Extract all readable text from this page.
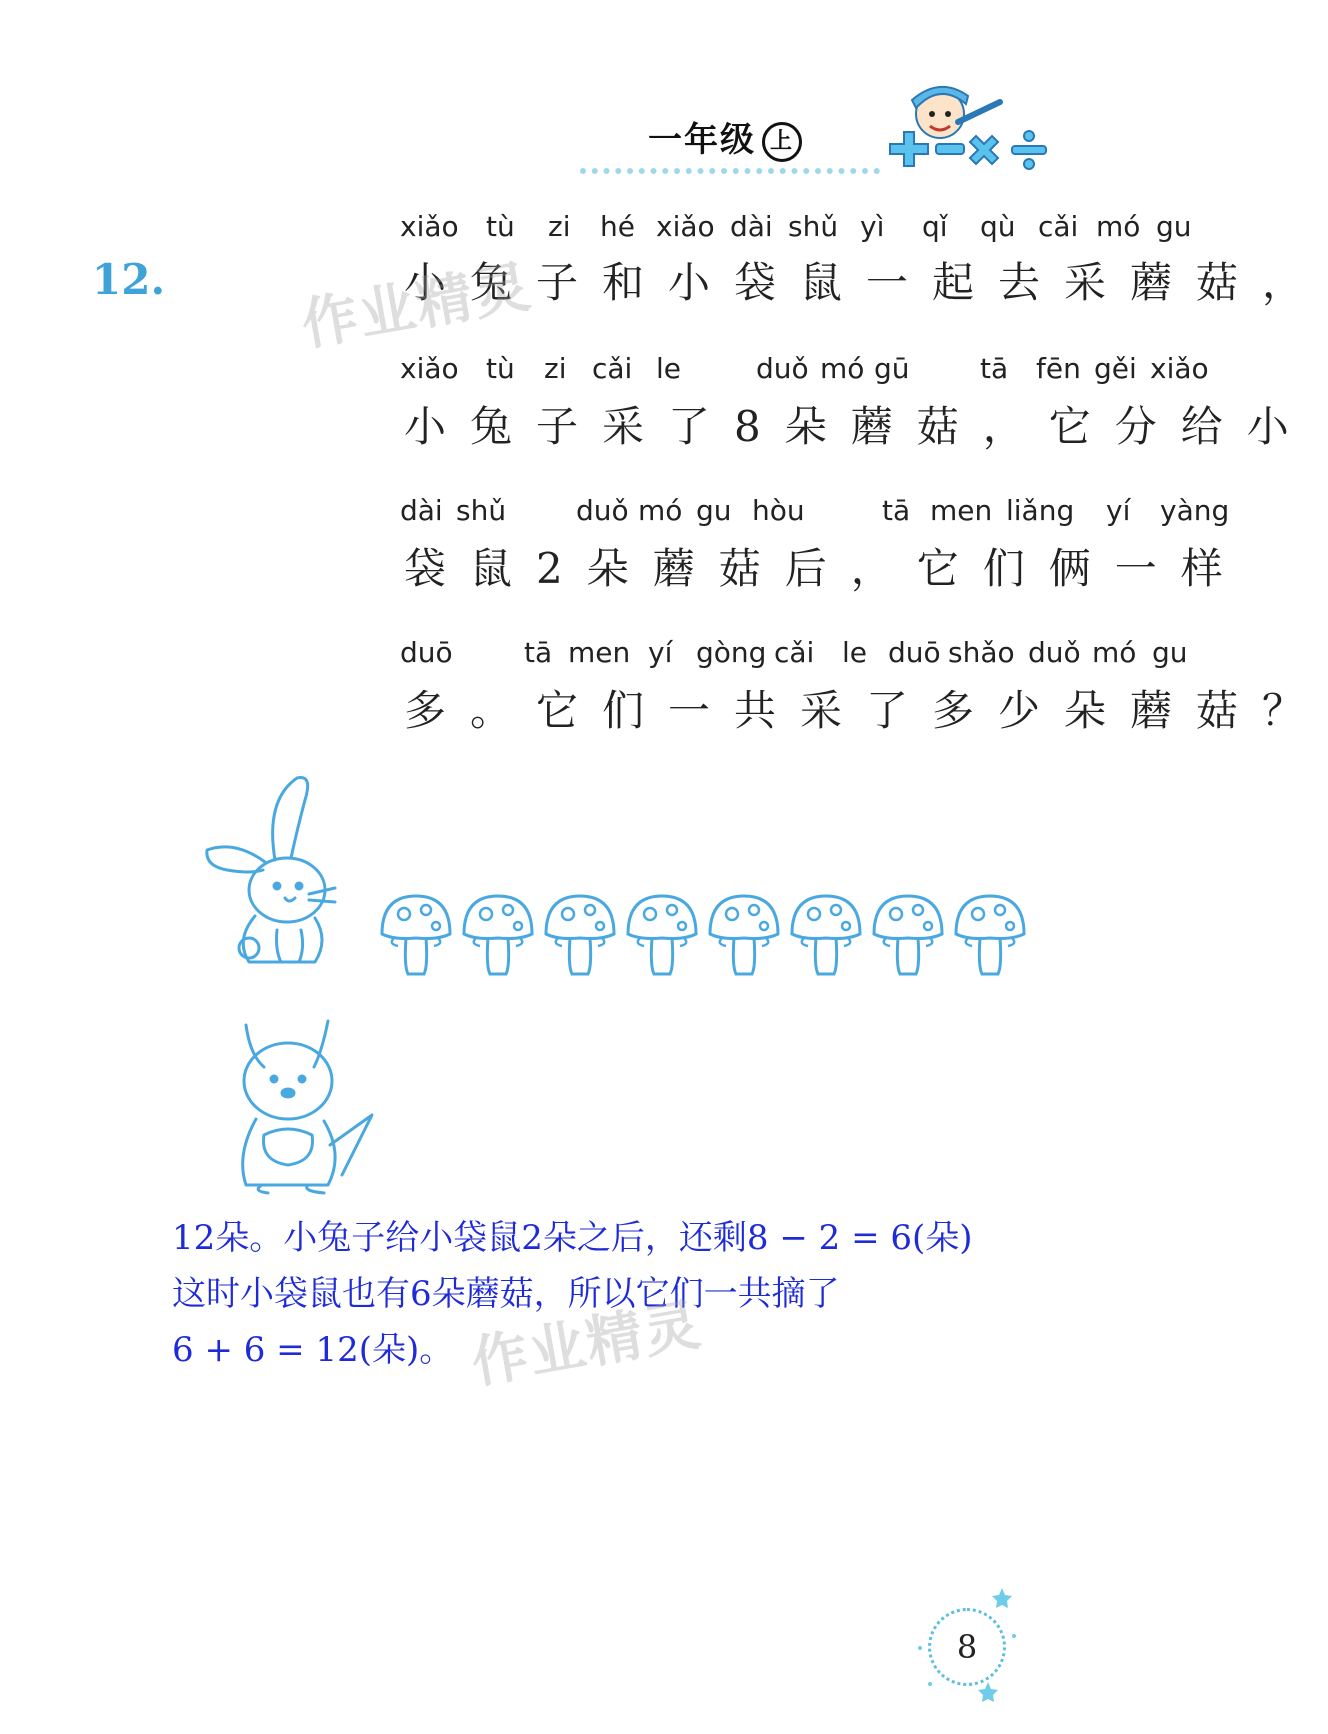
一年级 上
12.
xiǎo tù zi hé xiǎo dài shǔ yì qǐ qù cǎi mó gu
小兔子和小袋鼠一起去采蘑菇，
xiǎo tù zi cǎi le	duǒ mó gū	tā fēn gěi xiǎo
小兔子采了8朵蘑菇，它分给小
dài shǔ duǒ mó gu hòu	tā men liǎng yí yàng
袋鼠2朵蘑菇后，它们俩一样
duō	tā men yí gòng cǎi le duō shǎo duǒ mó gu
多。它们一共采了多少朵蘑菇？
作业精灵

12朵。小兔子给小袋鼠2朵之后，还剩8 − 2 = 6(朵)

这时小袋鼠也有6朵蘑菇，所以它们一共摘了

6 + 6 = 12(朵)。 作业精灵
8
